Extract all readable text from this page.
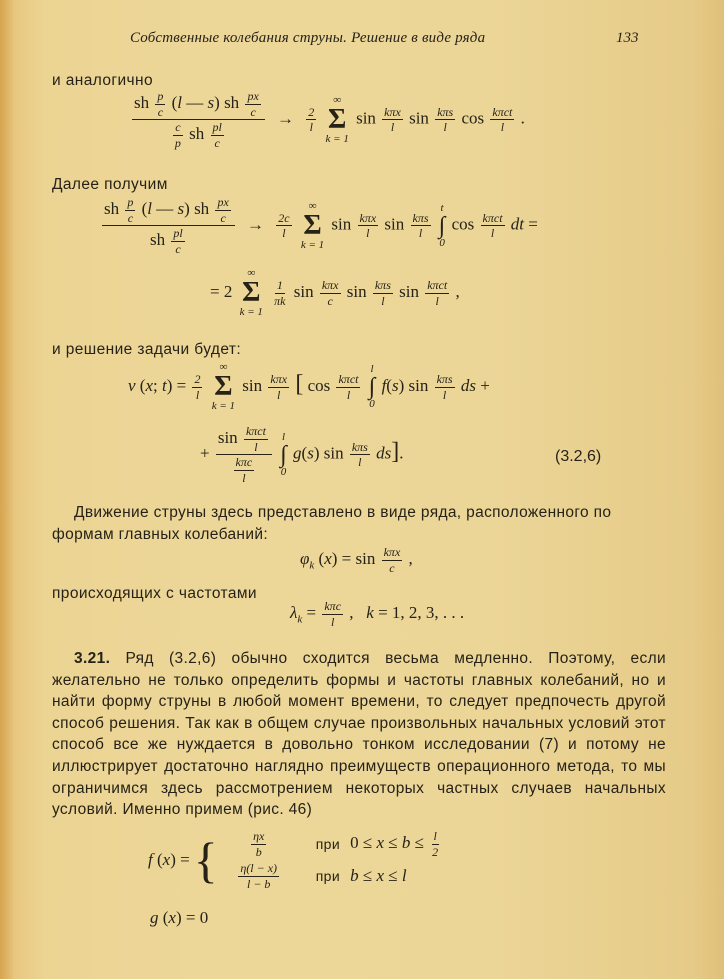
Собственные колебания струны. Решение в виде ряда	133
и аналогично
$\frac{sh \frac{p}{c} (l — s) sh \frac{px}{c}}{\frac{c}{p} sh \frac{pl}{c}} \to \frac{2}{l}$

∞
Σ
k = 1
$\sin \frac{\text{kπx}}{l}$ $\sin \frac{\text{kπs}}{l}$ $\cos \frac{\text{kπct}}{l}$ .
Далее получим
$\frac{sh \frac{p}{c} (l — s) sh \frac{px}{c}}{sh \frac{pl}{c}} \to \frac{2c}{l}$

∞
Σ
k = 1
$\sin \frac{\text{kπx}}{l}$ $\sin \frac{\text{kπs}}{l}$

t
∫
0
$\cos \frac{\text{kπct}}{l}$ dt =
= 2
∞
Σ
k = 1

$\frac{1}{\pi k}$ $\sin \frac{\text{kπx}}{c}$ $\sin \frac{\text{kπs}}{l}$ $\sin \frac{\text{kπct}}{l}$ ,
и решение задачи будет:
v (x; $t) = \frac{2}{l}$

∞
Σ
k = 1
$\sin \frac{\text{kπx}}{l}$ [ $\cos \frac{\text{kπct}}{l}$

l
∫
0
f(s) $\sin \frac{\text{kπs}}{l}$ ds +
+ $\frac{\sin \frac{\text{kπct}}{l}}{\frac{\text{kπc}}{l}}$
l
∫
0
g(s) $\sin \frac{\text{kπs}}{l} ds$].	(3.2,6)
Движение струны здесь представлено в виде ряда, расположенного по формам главных колебаний:
$\varphi_k$ $(x) = \sin \frac{\text{kπx}}{c}$ ,
происходящих с частотами
$\lambda_k = \frac{\text{kπc}}{l}$ ,   k = 1, 2, 3, . . .
3.21. Ряд (3.2,6) обычно сходится весьма медленно. Поэтому, если желательно не только определить формы и частоты главных колебаний, но и найти форму струны в любой момент времени, то следует предпочесть другой способ решения. Так как в общем случае произвольных начальных условий этот способ все же нуждается в довольно тонком исследовании (7) и потому не иллюстрирует достаточно наглядно преимуществ операционного метода, то мы ограничимся здесь рассмотрением некоторых частных случаев начальных условий. Именно примем (рис. 46)
f (x) = { $\frac{\eta x}{b}$ при $0 \le x \le b \le \frac{l}{2}$
$\frac{\eta(l - x)}{l - b}$ при b ≤ x ≤ l
g (x) = 0
